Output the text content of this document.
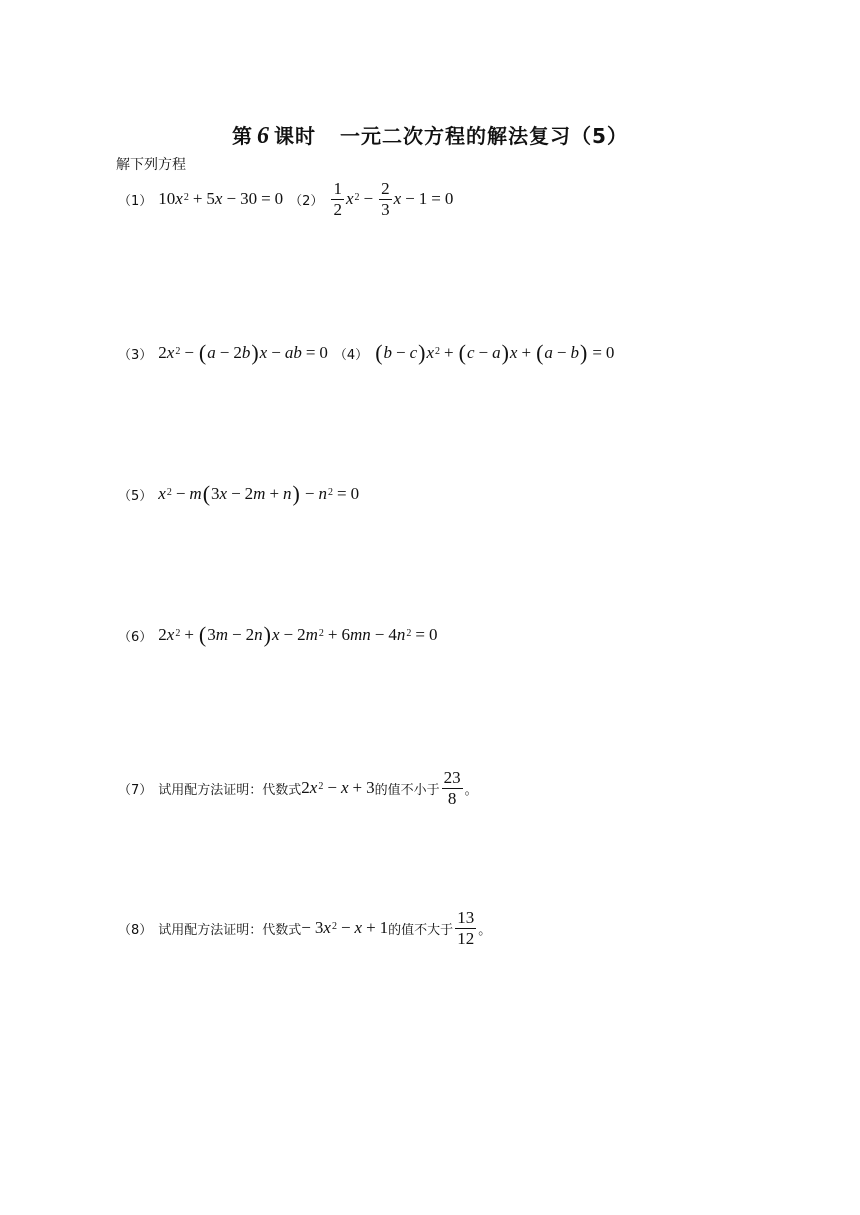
第 6 课时 一元二次方程的解法复习（5）
解下列方程
（1） 10 $x^2 + 5$ x − 30 = 0 $(2) \frac{1}{2} x^2 - \frac{2}{3}$ x − 1 = 0
（3） 2 $x^2$ − ( a − 2 b ) x − ab = 0 （4） ( b − c ) $x^2$ + ( c − a ) x + ( a − b ) = 0
（5） $x^2 - m$ ( 3 x − 2 m + n ) − $n^2 = 0$
（6） 2 $x^2$ + ( 3 m − 2 n ) x − 2 $m^2 + 6$ mn − 4 $n^2 = 0$
（7） 试用配方法证明：代数式 2 $x^2 - x + 3$ 的值不小于 $\frac{23}{8}$ 。
（8） 试用配方法证明：代数式 − 3 $x^2 - x + 1$ 的值不大于 $\frac{13}{12}$ 。
